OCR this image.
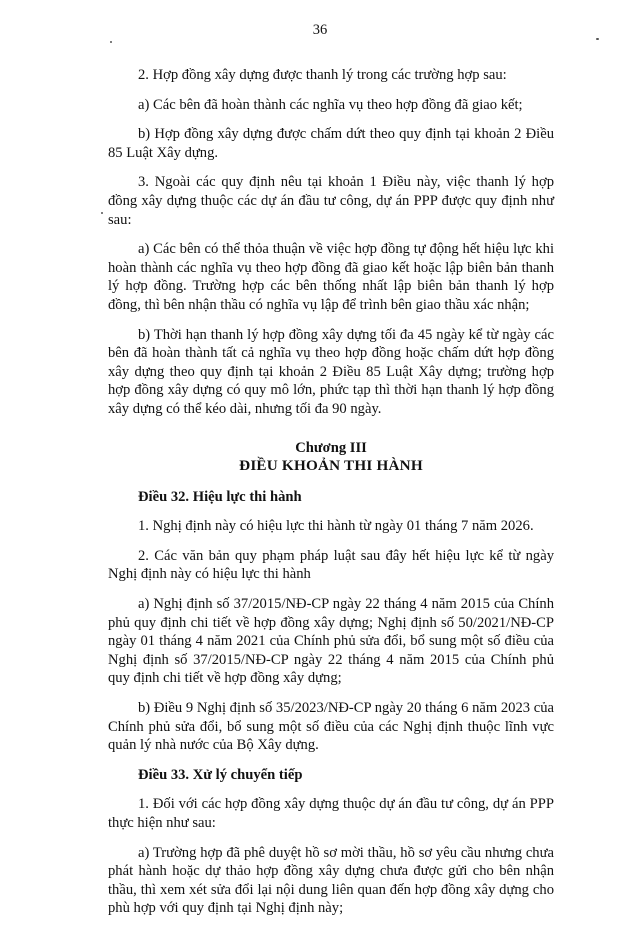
36

2. Hợp đồng xây dựng được thanh lý trong các trường hợp sau:

a) Các bên đã hoàn thành các nghĩa vụ theo hợp đồng đã giao kết;

b) Hợp đồng xây dựng được chấm dứt theo quy định tại khoản 2 Điều 85 Luật Xây dựng.

3. Ngoài các quy định nêu tại khoản 1 Điều này, việc thanh lý hợp đồng xây dựng thuộc các dự án đầu tư công, dự án PPP được quy định như sau:

a) Các bên có thể thỏa thuận về việc hợp đồng tự động hết hiệu lực khi hoàn thành các nghĩa vụ theo hợp đồng đã giao kết hoặc lập biên bản thanh lý hợp đồng. Trường hợp các bên thống nhất lập biên bản thanh lý hợp đồng, thì bên nhận thầu có nghĩa vụ lập để trình bên giao thầu xác nhận;

b) Thời hạn thanh lý hợp đồng xây dựng tối đa 45 ngày kể từ ngày các bên đã hoàn thành tất cả nghĩa vụ theo hợp đồng hoặc chấm dứt hợp đồng xây dựng theo quy định tại khoản 2 Điều 85 Luật Xây dựng; trường hợp hợp đồng xây dựng có quy mô lớn, phức tạp thì thời hạn thanh lý hợp đồng xây dựng có thể kéo dài, nhưng tối đa 90 ngày.

Chương III
ĐIỀU KHOẢN THI HÀNH

Điều 32. Hiệu lực thi hành

1. Nghị định này có hiệu lực thi hành từ ngày 01 tháng 7 năm 2026.

2. Các văn bản quy phạm pháp luật sau đây hết hiệu lực kể từ ngày Nghị định này có hiệu lực thi hành

a) Nghị định số 37/2015/NĐ-CP ngày 22 tháng 4 năm 2015 của Chính phủ quy định chi tiết về hợp đồng xây dựng; Nghị định số 50/2021/NĐ-CP ngày 01 tháng 4 năm 2021 của Chính phủ sửa đổi, bổ sung một số điều của Nghị định số 37/2015/NĐ-CP ngày 22 tháng 4 năm 2015 của Chính phủ quy định chi tiết về hợp đồng xây dựng;

b) Điều 9 Nghị định số 35/2023/NĐ-CP ngày 20 tháng 6 năm 2023 của Chính phủ sửa đổi, bổ sung một số điều của các Nghị định thuộc lĩnh vực quản lý nhà nước của Bộ Xây dựng.

Điều 33. Xử lý chuyển tiếp

1. Đối với các hợp đồng xây dựng thuộc dự án đầu tư công, dự án PPP thực hiện như sau:

a) Trường hợp đã phê duyệt hồ sơ mời thầu, hồ sơ yêu cầu nhưng chưa phát hành hoặc dự thảo hợp đồng xây dựng chưa được gửi cho bên nhận thầu, thì xem xét sửa đổi lại nội dung liên quan đến hợp đồng xây dựng cho phù hợp với quy định tại Nghị định này;
